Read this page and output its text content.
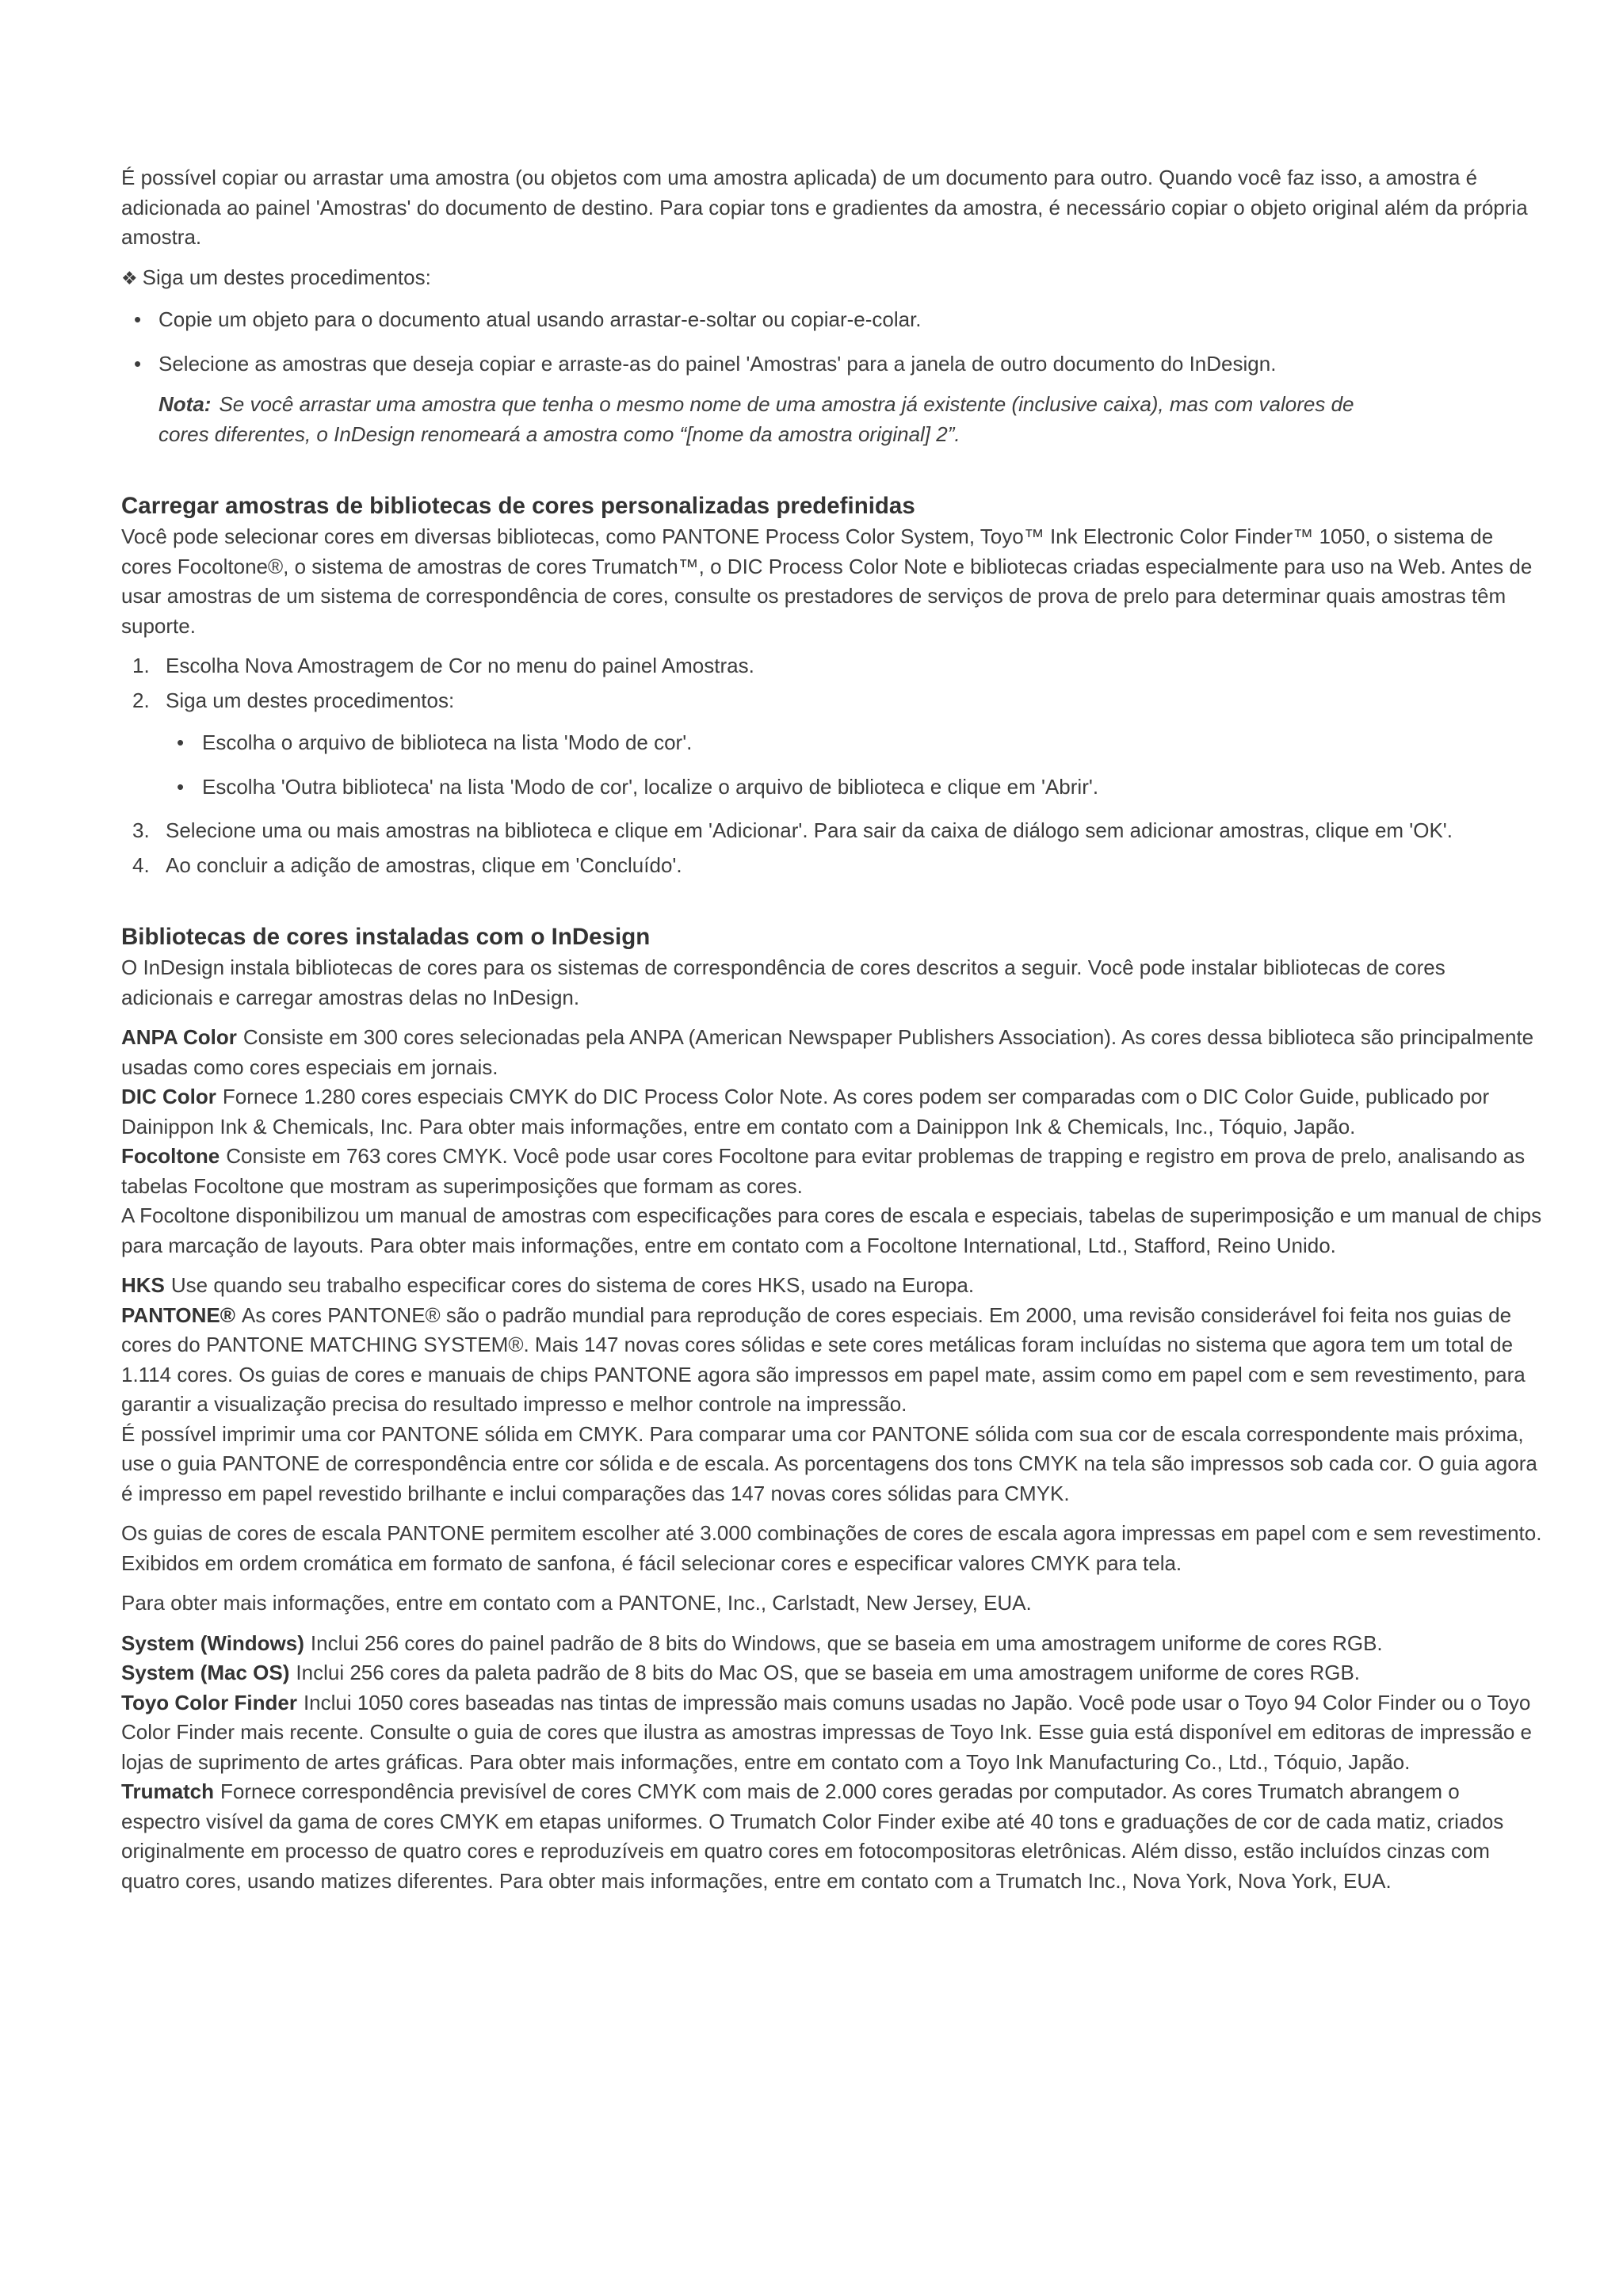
É possível copiar ou arrastar uma amostra (ou objetos com uma amostra aplicada) de um documento para outro. Quando você faz isso, a amostra é adicionada ao painel 'Amostras' do documento de destino. Para copiar tons e gradientes da amostra, é necessário copiar o objeto original além da própria amostra.

❖ Siga um destes procedimentos:

• Copie um objeto para o documento atual usando arrastar-e-soltar ou copiar-e-colar.
• Selecione as amostras que deseja copiar e arraste-as do painel 'Amostras' para a janela de outro documento do InDesign.

Nota: Se você arrastar uma amostra que tenha o mesmo nome de uma amostra já existente (inclusive caixa), mas com valores de cores diferentes, o InDesign renomeará a amostra como “[nome da amostra original] 2”.

Carregar amostras de bibliotecas de cores personalizadas predefinidas

Você pode selecionar cores em diversas bibliotecas, como PANTONE Process Color System, Toyo™ Ink Electronic Color Finder™ 1050, o sistema de cores Focoltone®, o sistema de amostras de cores Trumatch™, o DIC Process Color Note e bibliotecas criadas especialmente para uso na Web. Antes de usar amostras de um sistema de correspondência de cores, consulte os prestadores de serviços de prova de prelo para determinar quais amostras têm suporte.

1. Escolha Nova Amostragem de Cor no menu do painel Amostras.
2. Siga um destes procedimentos:
• Escolha o arquivo de biblioteca na lista 'Modo de cor'.
• Escolha 'Outra biblioteca' na lista 'Modo de cor', localize o arquivo de biblioteca e clique em 'Abrir'.
3. Selecione uma ou mais amostras na biblioteca e clique em 'Adicionar'. Para sair da caixa de diálogo sem adicionar amostras, clique em 'OK'.
4. Ao concluir a adição de amostras, clique em 'Concluído'.
Bibliotecas de cores instaladas com o InDesign

O InDesign instala bibliotecas de cores para os sistemas de correspondência de cores descritos a seguir. Você pode instalar bibliotecas de cores adicionais e carregar amostras delas no InDesign.

ANPA Color Consiste em 300 cores selecionadas pela ANPA (American Newspaper Publishers Association). As cores dessa biblioteca são principalmente usadas como cores especiais em jornais.

DIC Color Fornece 1.280 cores especiais CMYK do DIC Process Color Note. As cores podem ser comparadas com o DIC Color Guide, publicado por Dainippon Ink & Chemicals, Inc. Para obter mais informações, entre em contato com a Dainippon Ink & Chemicals, Inc., Tóquio, Japão.

Focoltone Consiste em 763 cores CMYK. Você pode usar cores Focoltone para evitar problemas de trapping e registro em prova de prelo, analisando as tabelas Focoltone que mostram as superimposições que formam as cores.

A Focoltone disponibilizou um manual de amostras com especificações para cores de escala e especiais, tabelas de superimposição e um manual de chips para marcação de layouts. Para obter mais informações, entre em contato com a Focoltone International, Ltd., Stafford, Reino Unido.

HKS Use quando seu trabalho especificar cores do sistema de cores HKS, usado na Europa.

PANTONE® As cores PANTONE® são o padrão mundial para reprodução de cores especiais. Em 2000, uma revisão considerável foi feita nos guias de cores do PANTONE MATCHING SYSTEM®. Mais 147 novas cores sólidas e sete cores metálicas foram incluídas no sistema que agora tem um total de 1.114 cores. Os guias de cores e manuais de chips PANTONE agora são impressos em papel mate, assim como em papel com e sem revestimento, para garantir a visualização precisa do resultado impresso e melhor controle na impressão.

É possível imprimir uma cor PANTONE sólida em CMYK. Para comparar uma cor PANTONE sólida com sua cor de escala correspondente mais próxima, use o guia PANTONE de correspondência entre cor sólida e de escala. As porcentagens dos tons CMYK na tela são impressos sob cada cor. O guia agora é impresso em papel revestido brilhante e inclui comparações das 147 novas cores sólidas para CMYK.

Os guias de cores de escala PANTONE permitem escolher até 3.000 combinações de cores de escala agora impressas em papel com e sem revestimento. Exibidos em ordem cromática em formato de sanfona, é fácil selecionar cores e especificar valores CMYK para tela.

Para obter mais informações, entre em contato com a PANTONE, Inc., Carlstadt, New Jersey, EUA.

System (Windows) Inclui 256 cores do painel padrão de 8 bits do Windows, que se baseia em uma amostragem uniforme de cores RGB.

System (Mac OS) Inclui 256 cores da paleta padrão de 8 bits do Mac OS, que se baseia em uma amostragem uniforme de cores RGB.

Toyo Color Finder Inclui 1050 cores baseadas nas tintas de impressão mais comuns usadas no Japão. Você pode usar o Toyo 94 Color Finder ou o Toyo Color Finder mais recente. Consulte o guia de cores que ilustra as amostras impressas de Toyo Ink. Esse guia está disponível em editoras de impressão e lojas de suprimento de artes gráficas. Para obter mais informações, entre em contato com a Toyo Ink Manufacturing Co., Ltd., Tóquio, Japão.

Trumatch Fornece correspondência previsível de cores CMYK com mais de 2.000 cores geradas por computador. As cores Trumatch abrangem o espectro visível da gama de cores CMYK em etapas uniformes. O Trumatch Color Finder exibe até 40 tons e graduações de cor de cada matiz, criados originalmente em processo de quatro cores e reproduzíveis em quatro cores em fotocompositoras eletrônicas. Além disso, estão incluídos cinzas com quatro cores, usando matizes diferentes. Para obter mais informações, entre em contato com a Trumatch Inc., Nova York, Nova York, EUA.
